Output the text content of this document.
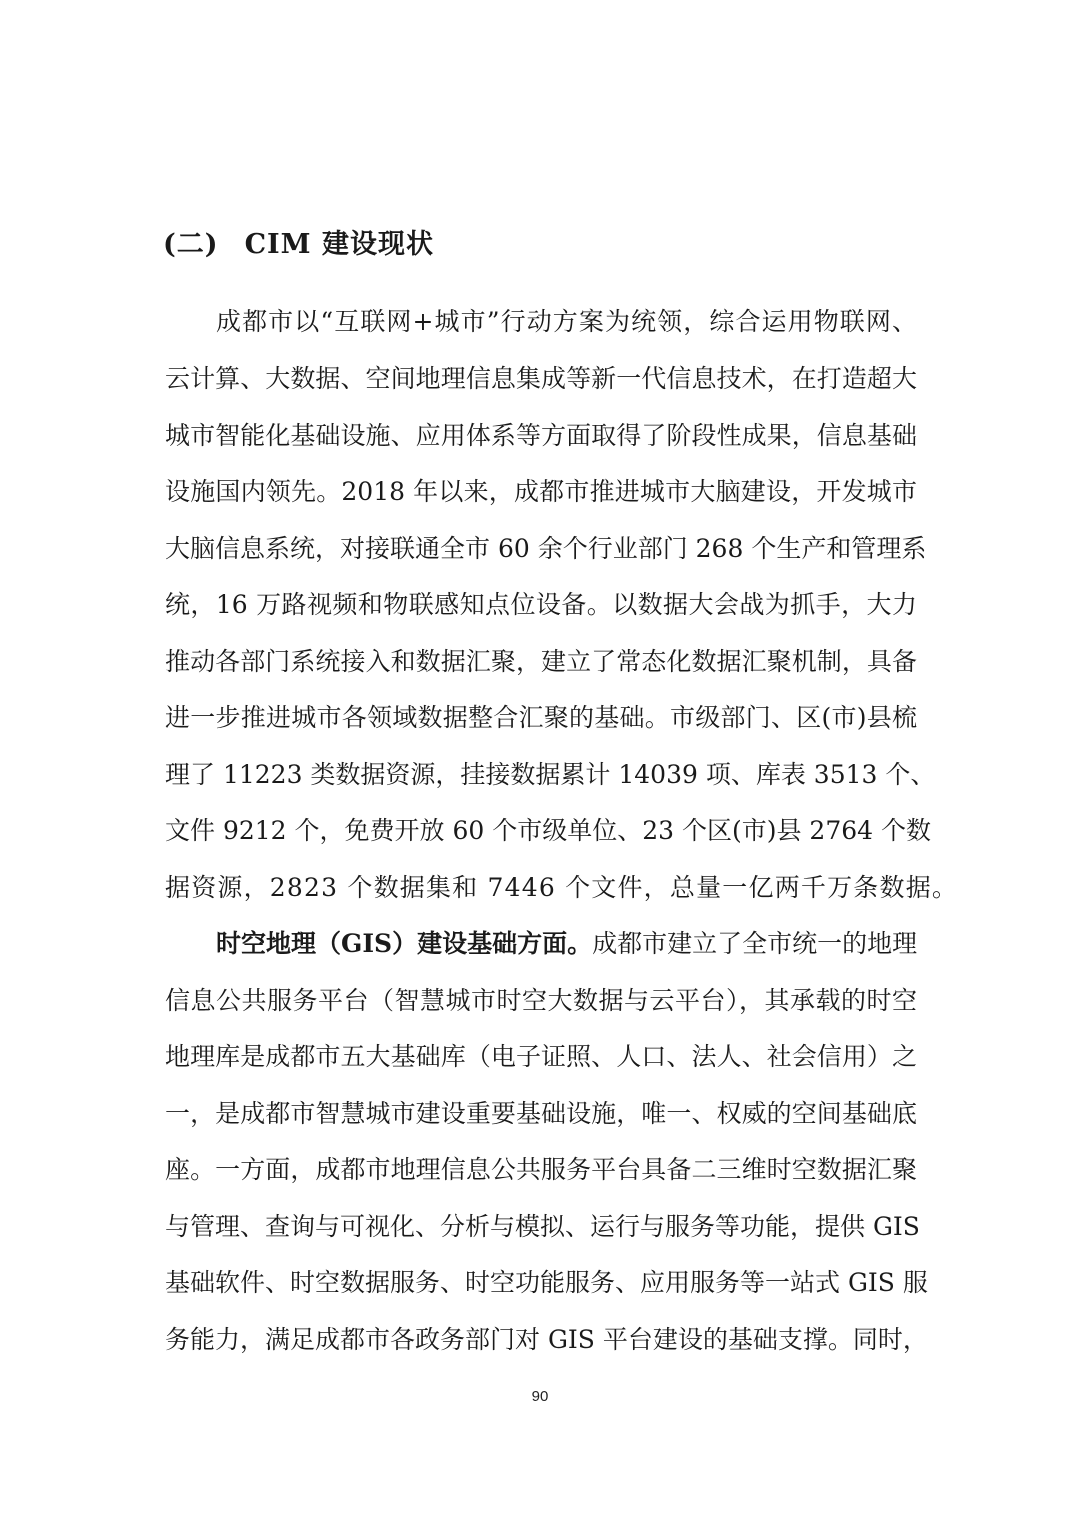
(二) CIM 建设现状
成都市以“互联网+城市”行动方案为统领，综合运用物联网、
云计算、大数据、空间地理信息集成等新一代信息技术，在打造超大
城市智能化基础设施、应用体系等方面取得了阶段性成果，信息基础
设施国内领先。2018 年以来，成都市推进城市大脑建设，开发城市
大脑信息系统，对接联通全市 60 余个行业部门 268 个生产和管理系
统，16 万路视频和物联感知点位设备。以数据大会战为抓手，大力
推动各部门系统接入和数据汇聚，建立了常态化数据汇聚机制，具备
进一步推进城市各领域数据整合汇聚的基础。市级部门、区(市)县梳
理了 11223 类数据资源，挂接数据累计 14039 项、库表 3513 个、
文件 9212 个，免费开放 60 个市级单位、23 个区(市)县 2764 个数
据资源，2823 个数据集和 7446 个文件，总量一亿两千万条数据。
时空地理（GIS）建设基础方面。成都市建立了全市统一的地理
信息公共服务平台（智慧城市时空大数据与云平台），其承载的时空
地理库是成都市五大基础库（电子证照、人口、法人、社会信用）之
一，是成都市智慧城市建设重要基础设施，唯一、权威的空间基础底
座。一方面，成都市地理信息公共服务平台具备二三维时空数据汇聚
与管理、查询与可视化、分析与模拟、运行与服务等功能，提供 GIS
基础软件、时空数据服务、时空功能服务、应用服务等一站式 GIS 服
务能力，满足成都市各政务部门对 GIS 平台建设的基础支撑。同时，
90
